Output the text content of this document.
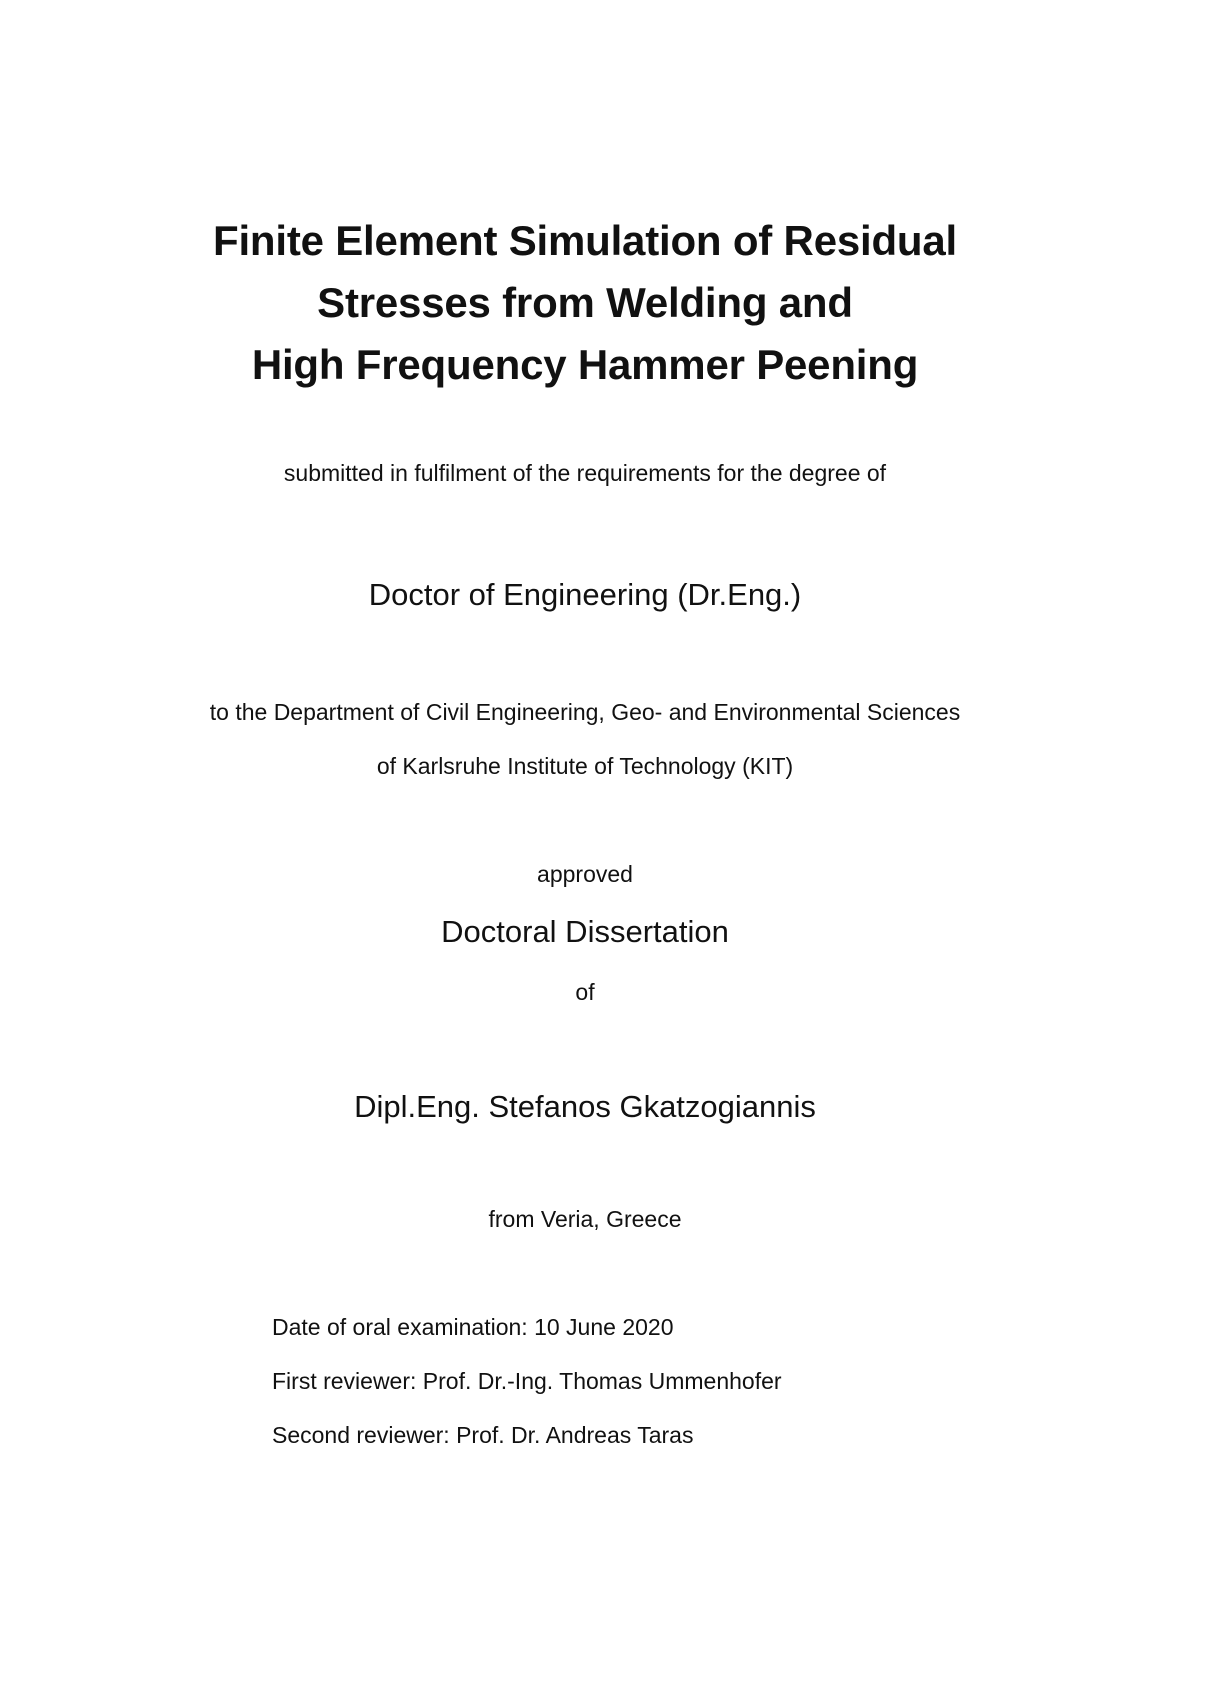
Finite Element Simulation of Residual
Stresses from Welding and
High Frequency Hammer Peening
submitted in fulfilment of the requirements for the degree of
Doctor of Engineering (Dr.Eng.)
to the Department of Civil Engineering, Geo- and Environmental Sciences
of Karlsruhe Institute of Technology (KIT)
approved
Doctoral Dissertation
of
Dipl.Eng. Stefanos Gkatzogiannis
from Veria, Greece
Date of oral examination: 10 June 2020
First reviewer: Prof. Dr.-Ing. Thomas Ummenhofer
Second reviewer: Prof. Dr. Andreas Taras
